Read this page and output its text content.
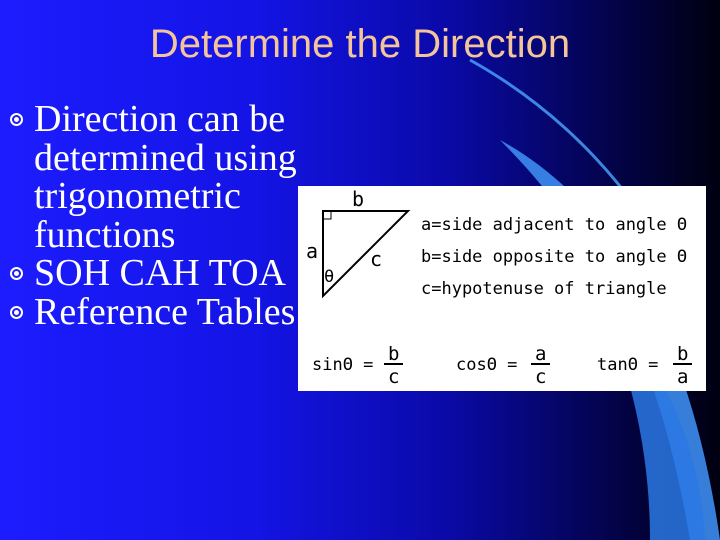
Determine the Direction
Direction can be determined using trigonometric functions
SOH CAH TOA
Reference Tables
b
a	c
θ
a=side adjacent to angle Θ
b=side opposite to angle Θ
c=hypotenuse of triangle
sinΘ = b
c
cosΘ = a
c
tanΘ = b
a
